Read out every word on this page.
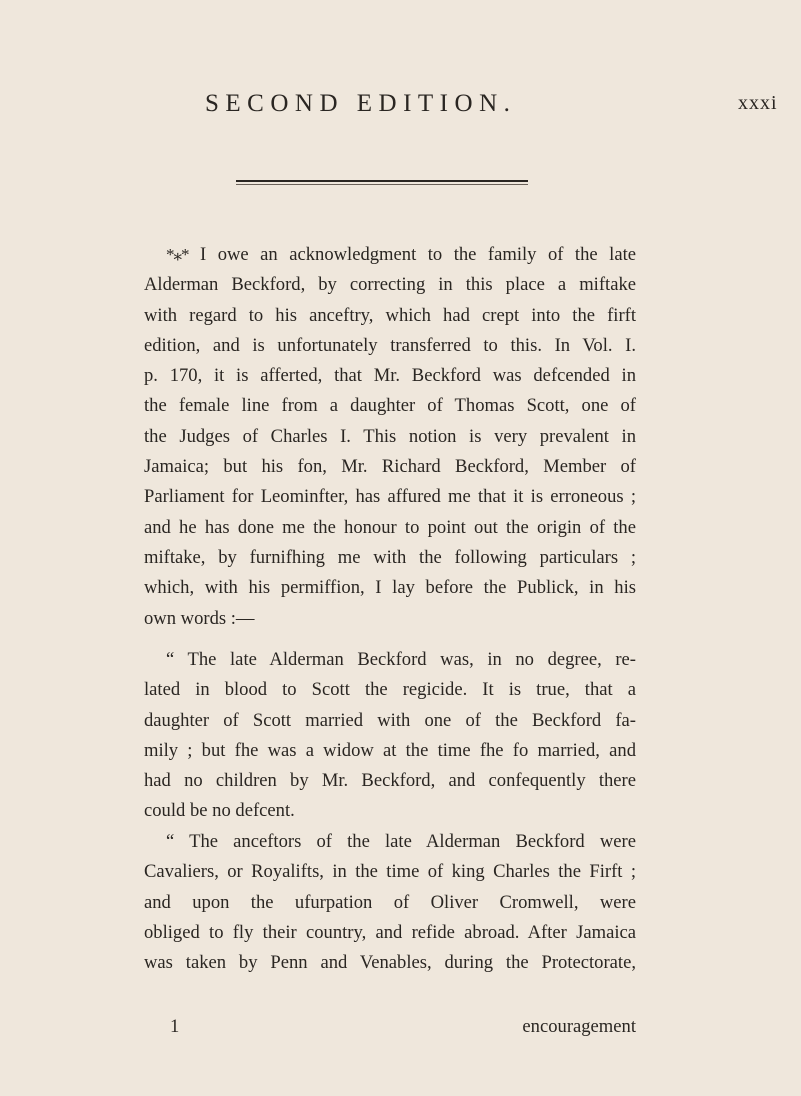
SECOND EDITION.	xxxi
*⁎* I owe an acknowledgment to the family of the late
Alderman Beckford, by correcting in this place a miftake
with regard to his anceftry, which had crept into the firft
edition, and is unfortunately transferred to this. In Vol. I.
p. 170, it is afferted, that Mr. Beckford was defcended in
the female line from a daughter of Thomas Scott, one of
the Judges of Charles I. This notion is very prevalent in
Jamaica; but his fon, Mr. Richard Beckford, Member of
Parliament for Leominfter, has affured me that it is erroneous ;
and he has done me the honour to point out the origin of the
miftake, by furnifhing me with the following particulars ;
which, with his permiffion, I lay before the Publick, in his
own words :—
“ The late Alderman Beckford was, in no degree, re-
lated in blood to Scott the regicide. It is true, that a
daughter of Scott married with one of the Beckford fa-
mily ; but fhe was a widow at the time fhe fo married, and
had no children by Mr. Beckford, and confequently there
could be no defcent.
“ The anceftors of the late Alderman Beckford were
Cavaliers, or Royalifts, in the time of king Charles the Firft ;
and upon the ufurpation of Oliver Cromwell, were
obliged to fly their country, and refide abroad. After Jamaica
was taken by Penn and Venables, during the Protectorate,
1	encouragement
